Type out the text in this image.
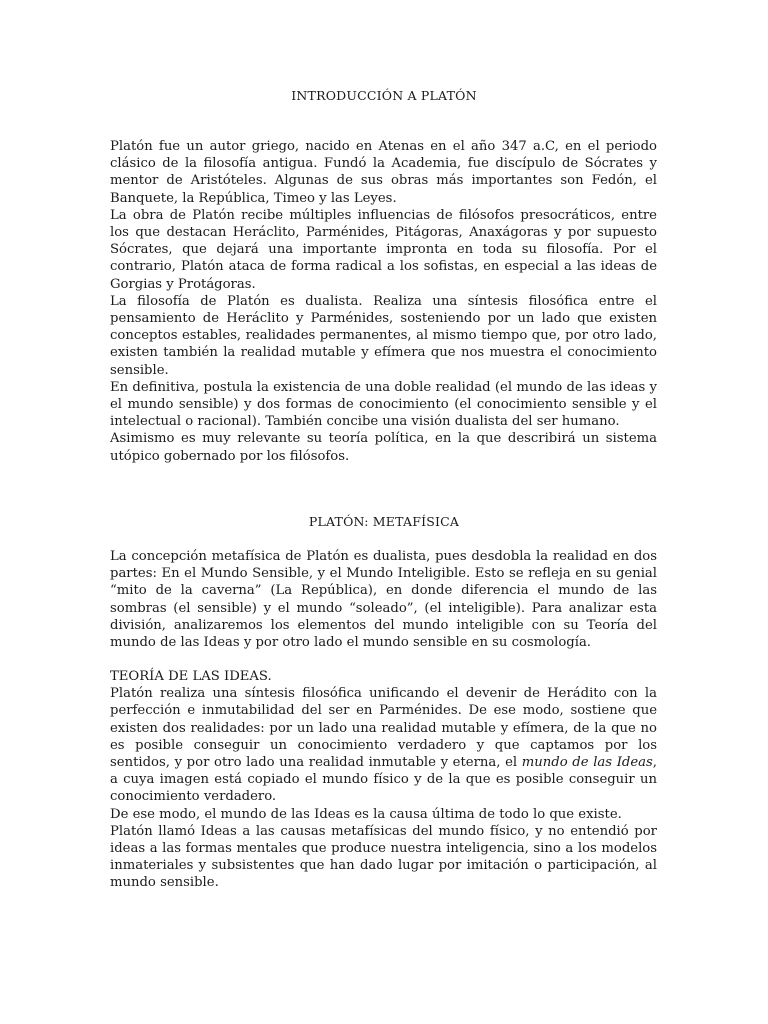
INTRODUCCIÓN A PLATÓN

Platón fue un autor griego, nacido en Atenas en el año 347 a.C, en el periodo clásico de la filosofía antigua. Fundó la Academia, fue discípulo de Sócrates y mentor de Aristóteles. Algunas de sus obras más importantes son Fedón, el Banquete, la República, Timeo y las Leyes.

La obra de Platón recibe múltiples influencias de filósofos presocráticos, entre los que destacan Heráclito, Parménides, Pitágoras, Anaxágoras y por supuesto Sócrates, que dejará una importante impronta en toda su filosofía. Por el contrario, Platón ataca de forma radical a los sofistas, en especial a las ideas de Gorgias y Protágoras.

La filosofía de Platón es dualista. Realiza una síntesis filosófica entre el pensamiento de Heráclito y Parménides, sosteniendo por un lado que existen conceptos estables, realidades permanentes, al mismo tiempo que, por otro lado, existen también la realidad mutable y efímera que nos muestra el conocimiento sensible.

En definitiva, postula la existencia de una doble realidad (el mundo de las ideas y el mundo sensible) y dos formas de conocimiento (el conocimiento sensible y el intelectual o racional). También concibe una visión dualista del ser humano.

Asimismo es muy relevante su teoría política, en la que describirá un sistema utópico gobernado por los filósofos.

PLATÓN: METAFÍSICA

La concepción metafísica de Platón es dualista, pues desdobla la realidad en dos partes: En el Mundo Sensible, y el Mundo Inteligible. Esto se refleja en su genial “mito de la caverna” (La República), en donde diferencia el mundo de las sombras (el sensible) y el mundo “soleado”, (el inteligible). Para analizar esta división, analizaremos los elementos del mundo inteligible con su Teoría del mundo de las Ideas y por otro lado el mundo sensible en su cosmología.

TEORÍA DE LAS IDEAS.

Platón realiza una síntesis filosófica unificando el devenir de Herádito con la perfección e inmutabilidad del ser en Parménides. De ese modo, sostiene que existen dos realidades: por un lado una realidad mutable y efímera, de la que no es posible conseguir un conocimiento verdadero y que captamos por los sentidos, y por otro lado una realidad inmutable y eterna, el mundo de las Ideas, a cuya imagen está copiado el mundo físico y de la que es posible conseguir un conocimiento verdadero.

De ese modo, el mundo de las Ideas es la causa última de todo lo que existe.

Platón llamó Ideas a las causas metafísicas del mundo físico, y no entendió por ideas a las formas mentales que produce nuestra inteligencia, sino a los modelos inmateriales y subsistentes que han dado lugar por imitación o participación, al mundo sensible.
